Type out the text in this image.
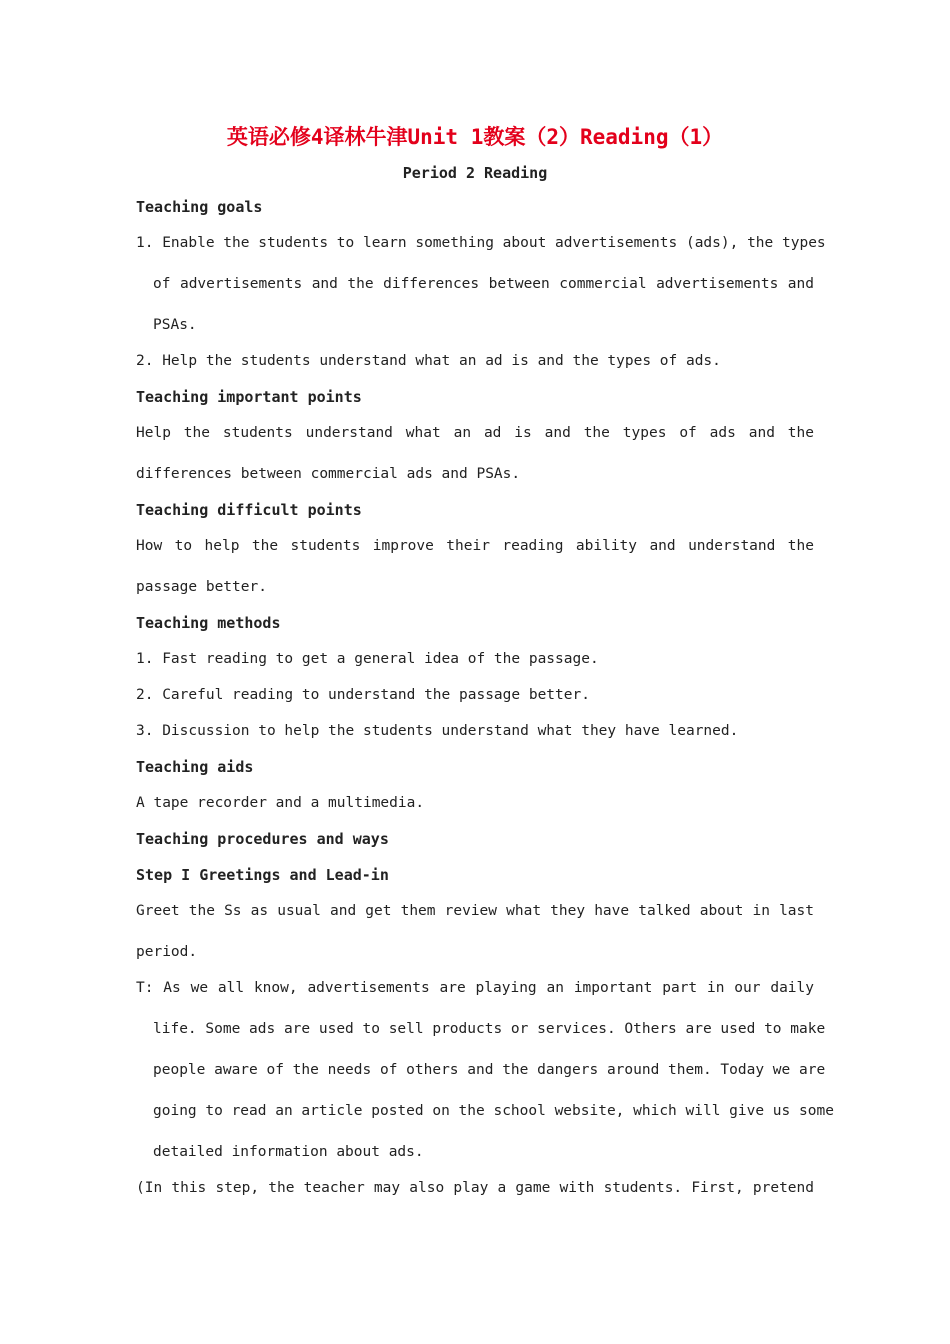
英语必修4译林牛津Unit 1教案（2）Reading（1）
Period 2 Reading
Teaching goals
1. Enable the students to learn something about advertisements (ads), the types
of advertisements and the differences between commercial advertisements and
PSAs.
2. Help the students understand what an ad is and the types of ads.
Teaching important points
Help the students understand what an ad is and the types of ads and the
differences between commercial ads and PSAs.
Teaching difficult points
How to help the students improve their reading ability and understand the
passage better.
Teaching methods
1. Fast reading to get a general idea of the passage.
2. Careful reading to understand the passage better.
3. Discussion to help the students understand what they have learned.
Teaching aids
A tape recorder and a multimedia.
Teaching procedures and ways
Step I Greetings and Lead-in
Greet the Ss as usual and get them review what they have talked about in last
period.
T: As we all know, advertisements are playing an important part in our daily
life. Some ads are used to sell products or services. Others are used to make
people aware of the needs of others and the dangers around them. Today we are
going to read an article posted on the school website, which will give us some
detailed information about ads.
(In this step, the teacher may also play a game with students. First, pretend
